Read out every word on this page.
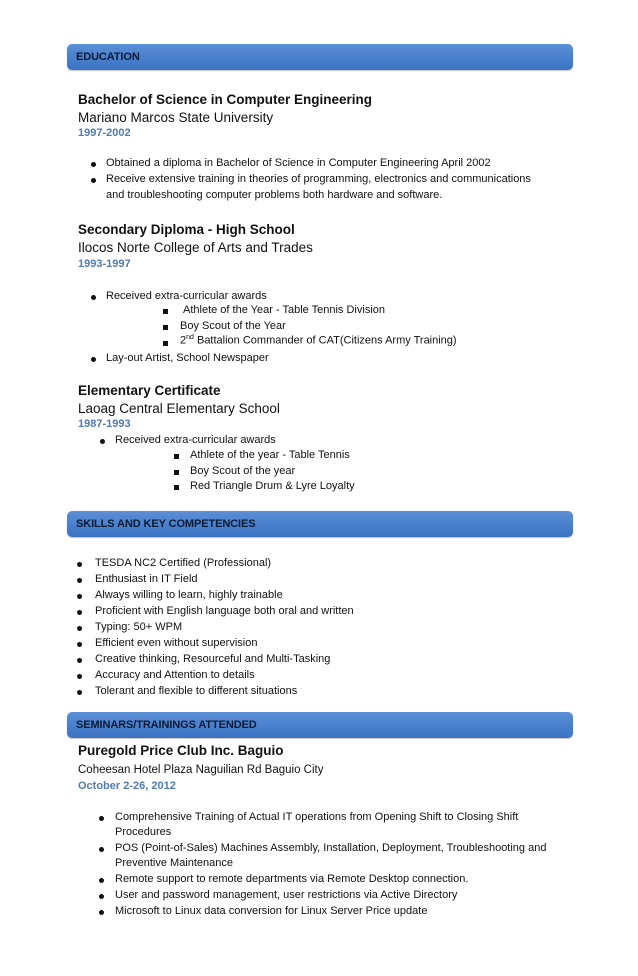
EDUCATION
Bachelor of Science in Computer Engineering
Mariano Marcos State University
1997-2002
Obtained a diploma in Bachelor of Science in Computer Engineering April 2002
Receive extensive training in theories of programming, electronics and communications
and troubleshooting computer problems both hardware and software.
Secondary Diploma - High School
Ilocos Norte College of Arts and Trades
1993-1997
Received extra-curricular awards
Athlete of the Year - Table Tennis Division
Boy Scout of the Year
2nd Battalion Commander of CAT(Citizens Army Training)
Lay-out Artist, School Newspaper
Elementary Certificate
Laoag Central Elementary School
1987-1993
Received extra-curricular awards
Athlete of the year - Table Tennis
Boy Scout of the year
Red Triangle Drum & Lyre Loyalty
SKILLS AND KEY COMPETENCIES
TESDA NC2 Certified (Professional)
Enthusiast in IT Field
Always willing to learn, highly trainable
Proficient with English language both oral and written
Typing: 50+ WPM
Efficient even without supervision
Creative thinking, Resourceful and Multi-Tasking
Accuracy and Attention to details
Tolerant and flexible to different situations
SEMINARS/TRAININGS ATTENDED
Puregold Price Club Inc. Baguio
Coheesan Hotel Plaza Naguilian Rd Baguio City
October 2-26, 2012
Comprehensive Training of Actual IT operations from Opening Shift to Closing Shift
Procedures
POS (Point-of-Sales) Machines Assembly, Installation, Deployment, Troubleshooting and
Preventive Maintenance
Remote support to remote departments via Remote Desktop connection.
User and password management, user restrictions via Active Directory
Microsoft to Linux data conversion for Linux Server Price update
